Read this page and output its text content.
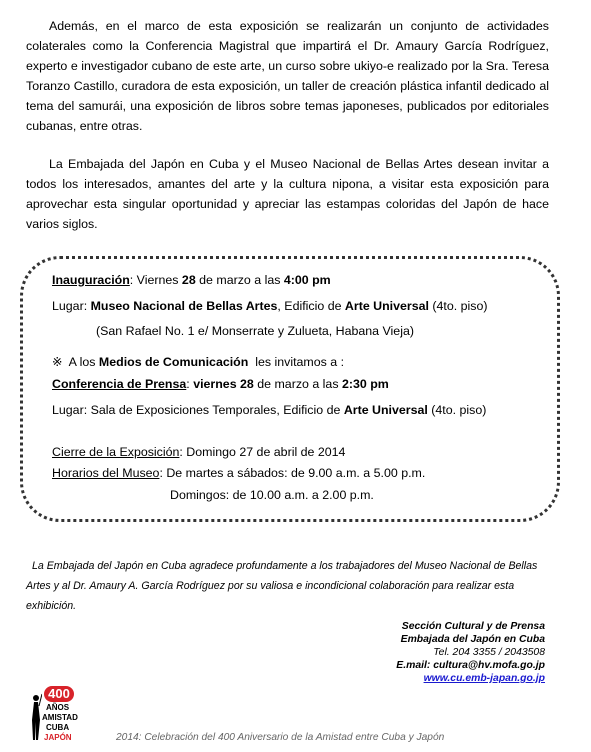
Además, en el marco de esta exposición se realizarán un conjunto de actividades colaterales como la Conferencia Magistral que impartirá el Dr. Amaury García Rodríguez, experto e investigador cubano de este arte, un curso sobre ukiyo-e realizado por la Sra. Teresa Toranzo Castillo, curadora de esta exposición, un taller de creación plástica infantil dedicado al tema del samurái, una exposición de libros sobre temas japoneses, publicados por editoriales cubanas, entre otras.

La Embajada del Japón en Cuba y el Museo Nacional de Bellas Artes desean invitar a todos los interesados, amantes del arte y la cultura nipona, a visitar esta exposición para aprovechar esta singular oportunidad y apreciar las estampas coloridas del Japón de hace varios siglos.

Inauguración: Viernes 28 de marzo a las 4:00 pm
Lugar: Museo Nacional de Bellas Artes, Edificio de Arte Universal (4to. piso)
(San Rafael No. 1 e/ Monserrate y Zulueta, Habana Vieja)
※  A los Medios de Comunicación  les invitamos a :
Conferencia de Prensa: viernes 28 de marzo a las 2:30 pm
Lugar: Sala de Exposiciones Temporales, Edificio de Arte Universal (4to. piso)
Cierre de la Exposición: Domingo 27 de abril de 2014
Horarios del Museo: De martes a sábados: de 9.00 a.m. a 5.00 p.m.
Domingos: de 10.00 a.m. a 2.00 p.m.

La Embajada del Japón en Cuba agradece profundamente a los trabajadores del Museo Nacional de Bellas Artes y al Dr. Amaury A. García Rodríguez por su valiosa e incondicional colaboración para realizar esta exhibición.

Sección Cultural y de Prensa
Embajada del Japón en Cuba
Tel. 204 3355 / 2043508
E.mail: cultura@hv.mofa.go.jp
www.cu.emb-japan.go.jp
400
AÑOS
AMISTAD
CUBA
JAPÓN	2014: Celebración del 400 Aniversario de la Amistad entre Cuba y Japón
